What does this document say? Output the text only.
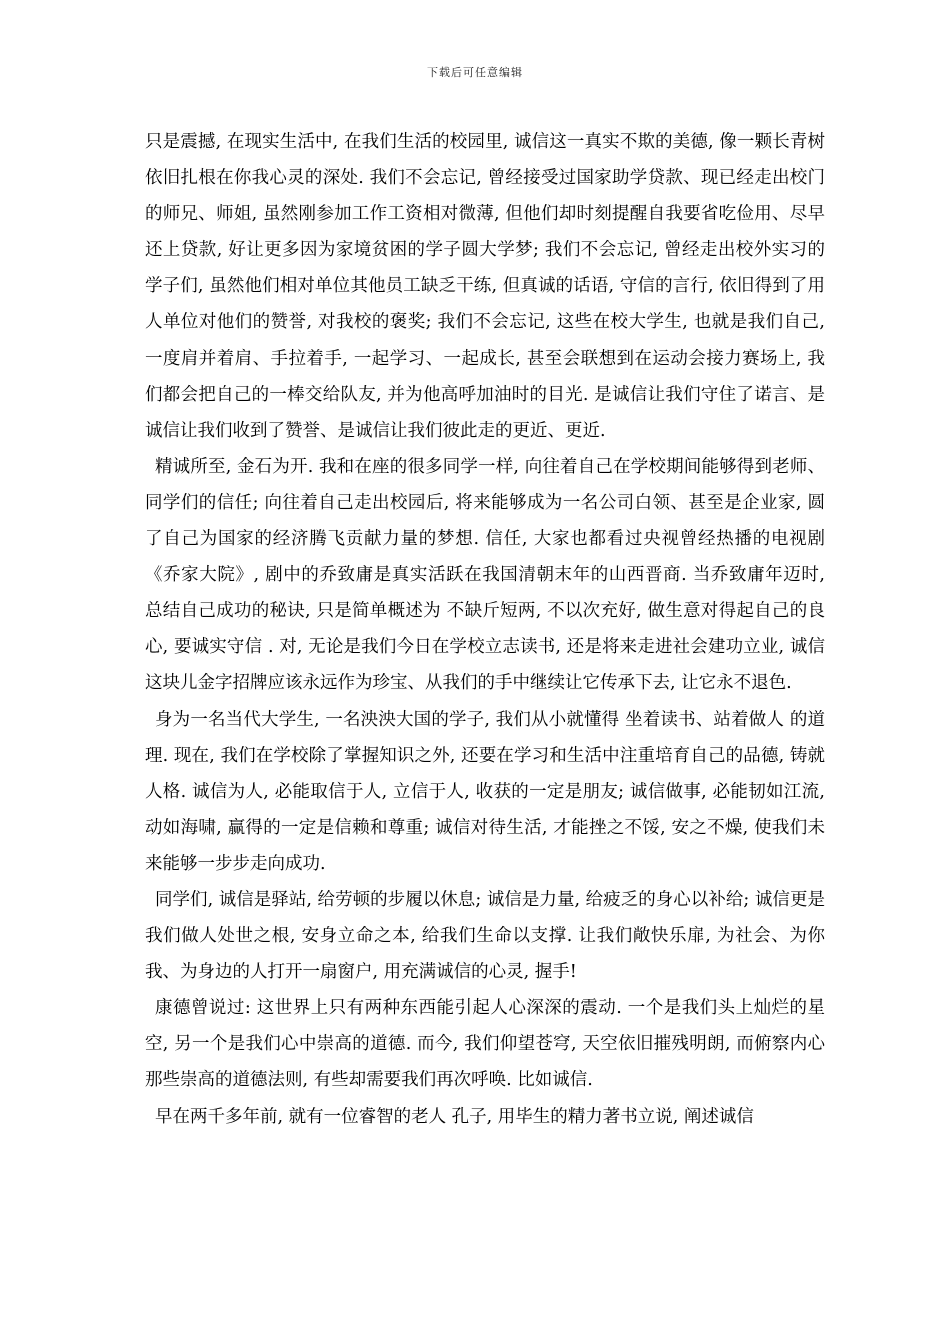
下载后可任意编辑

只是震撼, 在现实生活中, 在我们生活的校园里, 诚信这一真实不欺的美德, 像一颗长青树依旧扎根在你我心灵的深处. 我们不会忘记, 曾经接受过国家助学贷款、现已经走出校门的师兄、师姐, 虽然刚参加工作工资相对微薄, 但他们却时刻提醒自我要省吃俭用、尽早还上贷款, 好让更多因为家境贫困的学子圆大学梦; 我们不会忘记, 曾经走出校外实习的学子们, 虽然他们相对单位其他员工缺乏干练, 但真诚的话语, 守信的言行, 依旧得到了用人单位对他们的赞誉, 对我校的褒奖; 我们不会忘记, 这些在校大学生, 也就是我们自己, 一度肩并着肩、手拉着手, 一起学习、一起成长, 甚至会联想到在运动会接力赛场上, 我们都会把自己的一棒交给队友, 并为他高呼加油时的目光. 是诚信让我们守住了诺言、是诚信让我们收到了赞誉、是诚信让我们彼此走的更近、更近.

精诚所至, 金石为开. 我和在座的很多同学一样, 向往着自己在学校期间能够得到老师、同学们的信任; 向往着自己走出校园后, 将来能够成为一名公司白领、甚至是企业家, 圆了自己为国家的经济腾飞贡献力量的梦想. 信任, 大家也都看过央视曾经热播的电视剧《乔家大院》, 剧中的乔致庸是真实活跃在我国清朝末年的山西晋商. 当乔致庸年迈时, 总结自己成功的秘诀, 只是简单概述为 不缺斤短两, 不以次充好, 做生意对得起自己的良心, 要诚实守信 . 对, 无论是我们今日在学校立志读书, 还是将来走进社会建功立业, 诚信这块儿金字招牌应该永远作为珍宝、从我们的手中继续让它传承下去, 让它永不退色.

身为一名当代大学生, 一名泱泱大国的学子, 我们从小就懂得 坐着读书、站着做人 的道理. 现在, 我们在学校除了掌握知识之外, 还要在学习和生活中注重培育自己的品德, 铸就人格. 诚信为人, 必能取信于人, 立信于人, 收获的一定是朋友; 诚信做事, 必能韧如江流, 动如海啸, 赢得的一定是信赖和尊重; 诚信对待生活, 才能挫之不馁, 安之不燥, 使我们未来能够一步步走向成功.

同学们, 诚信是驿站, 给劳顿的步履以休息; 诚信是力量, 给疲乏的身心以补给; 诚信更是我们做人处世之根, 安身立命之本, 给我们生命以支撑. 让我们敞快乐扉, 为社会、为你我、为身边的人打开一扇窗户, 用充满诚信的心灵, 握手!

康德曾说过: 这世界上只有两种东西能引起人心深深的震动. 一个是我们头上灿烂的星空, 另一个是我们心中崇高的道德. 而今, 我们仰望苍穹, 天空依旧摧残明朗, 而俯察内心那些崇高的道德法则, 有些却需要我们再次呼唤. 比如诚信.

早在两千多年前, 就有一位睿智的老人 孔子, 用毕生的精力著书立说, 阐述诚信
